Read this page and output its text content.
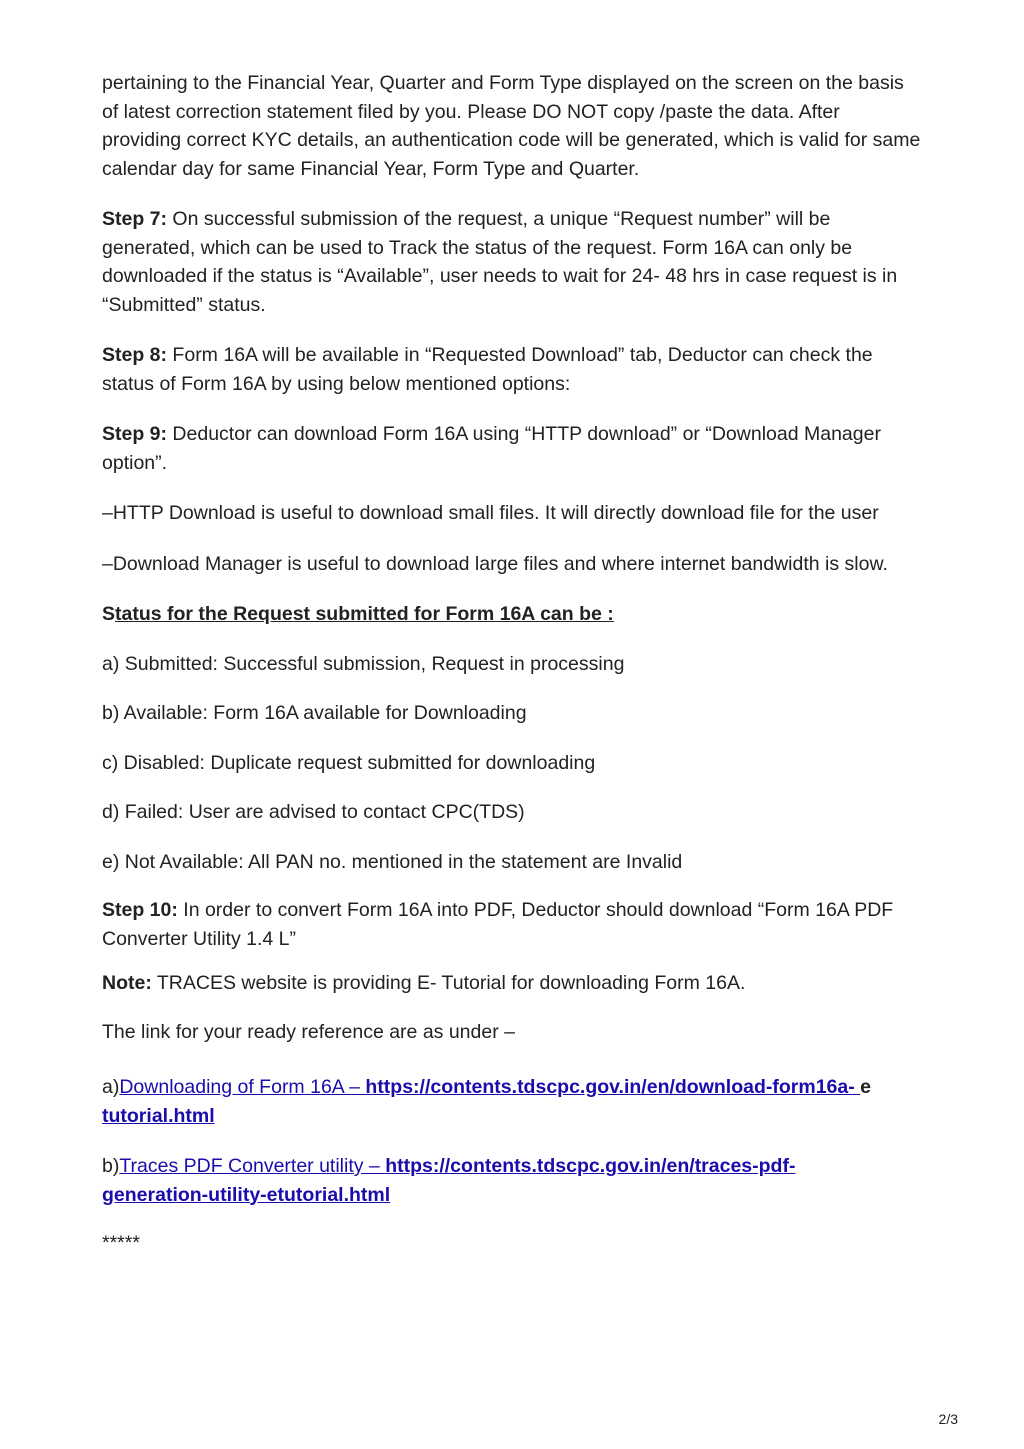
pertaining to the Financial Year, Quarter and Form Type displayed on the screen on the basis of latest correction statement filed by you. Please DO NOT copy /paste the data. After providing correct KYC details, an authentication code will be generated, which is valid for same calendar day for same Financial Year, Form Type and Quarter.

Step 7: On successful submission of the request, a unique “Request number” will be generated, which can be used to Track the status of the request. Form 16A can only be downloaded if the status is “Available”, user needs to wait for 24- 48 hrs in case request is in “Submitted” status.

Step 8: Form 16A will be available in “Requested Download” tab, Deductor can check the status of Form 16A by using below mentioned options:

Step 9: Deductor can download Form 16A using “HTTP download” or “Download Manager option”.

–HTTP Download is useful to download small files. It will directly download file for the user

–Download Manager is useful to download large files and where internet bandwidth is slow.

Status for the Request submitted for Form 16A can be :

a) Submitted: Successful submission, Request in processing

b) Available: Form 16A available for Downloading

c) Disabled: Duplicate request submitted for downloading

d) Failed: User are advised to contact CPC(TDS)

e) Not Available: All PAN no. mentioned in the statement are Invalid

Step 10: In order to convert Form 16A into PDF, Deductor should download “Form 16A PDF Converter Utility 1.4 L”

Note: TRACES website is providing E- Tutorial for downloading Form 16A.

The link for your ready reference are as under –

a)Downloading of Form 16A – https://contents.tdscpc.gov.in/en/download-form16a- e
tutorial.html

b)Traces PDF Converter utility – https://contents.tdscpc.gov.in/en/traces-pdf-
generation-utility-etutorial.html

*****

2/3
